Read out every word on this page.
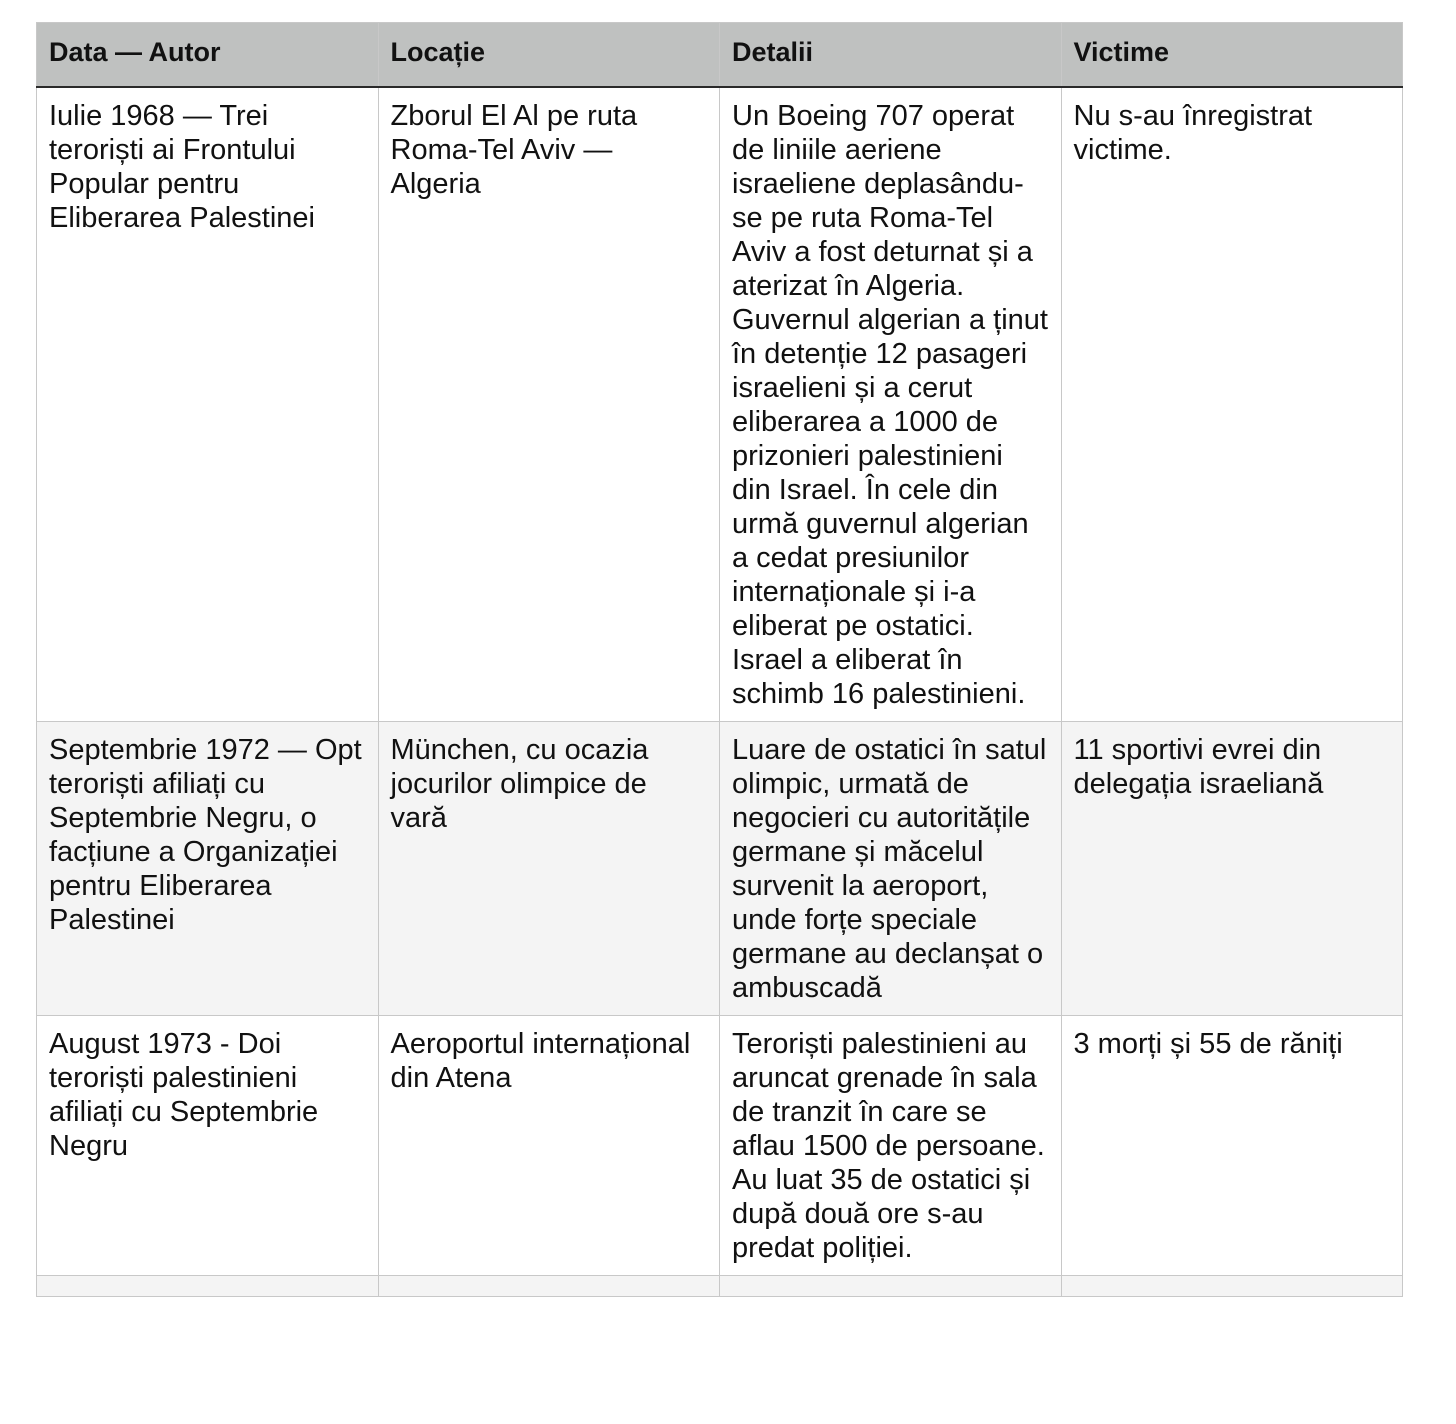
Data — Autor	Locație	Detalii	Victime
Iulie 1968 — Trei teroriști ai Frontului Popular pentru Eliberarea Palestinei	Zborul El Al pe ruta Roma-Tel Aviv — Algeria	Un Boeing 707 operat de liniile aeriene israeliene deplasându-se pe ruta Roma-Tel Aviv a fost deturnat și a aterizat în Algeria. Guvernul algerian a ținut în detenție 12 pasageri israelieni și a cerut eliberarea a 1000 de prizonieri palestinieni din Israel. În cele din urmă guvernul algerian a cedat presiunilor internaționale și i-a eliberat pe ostatici. Israel a eliberat în schimb 16 palestinieni.	Nu s-au înregistrat victime.
Septembrie 1972 — Opt teroriști afiliați cu Septembrie Negru, o facțiune a Organizației pentru Eliberarea Palestinei	München, cu ocazia jocurilor olimpice de vară	Luare de ostatici în satul olimpic, urmată de negocieri cu autoritățile germane și măcelul survenit la aeroport, unde forțe speciale germane au declanșat o ambuscadă	11 sportivi evrei din delegația israeliană
August 1973 - Doi teroriști palestinieni afiliați cu Septembrie Negru	Aeroportul internațional din Atena	Teroriști palestinieni au aruncat grenade în sala de tranzit în care se aflau 1500 de persoane. Au luat 35 de ostatici și după două ore s-au predat poliției.	3 morți și 55 de răniți
